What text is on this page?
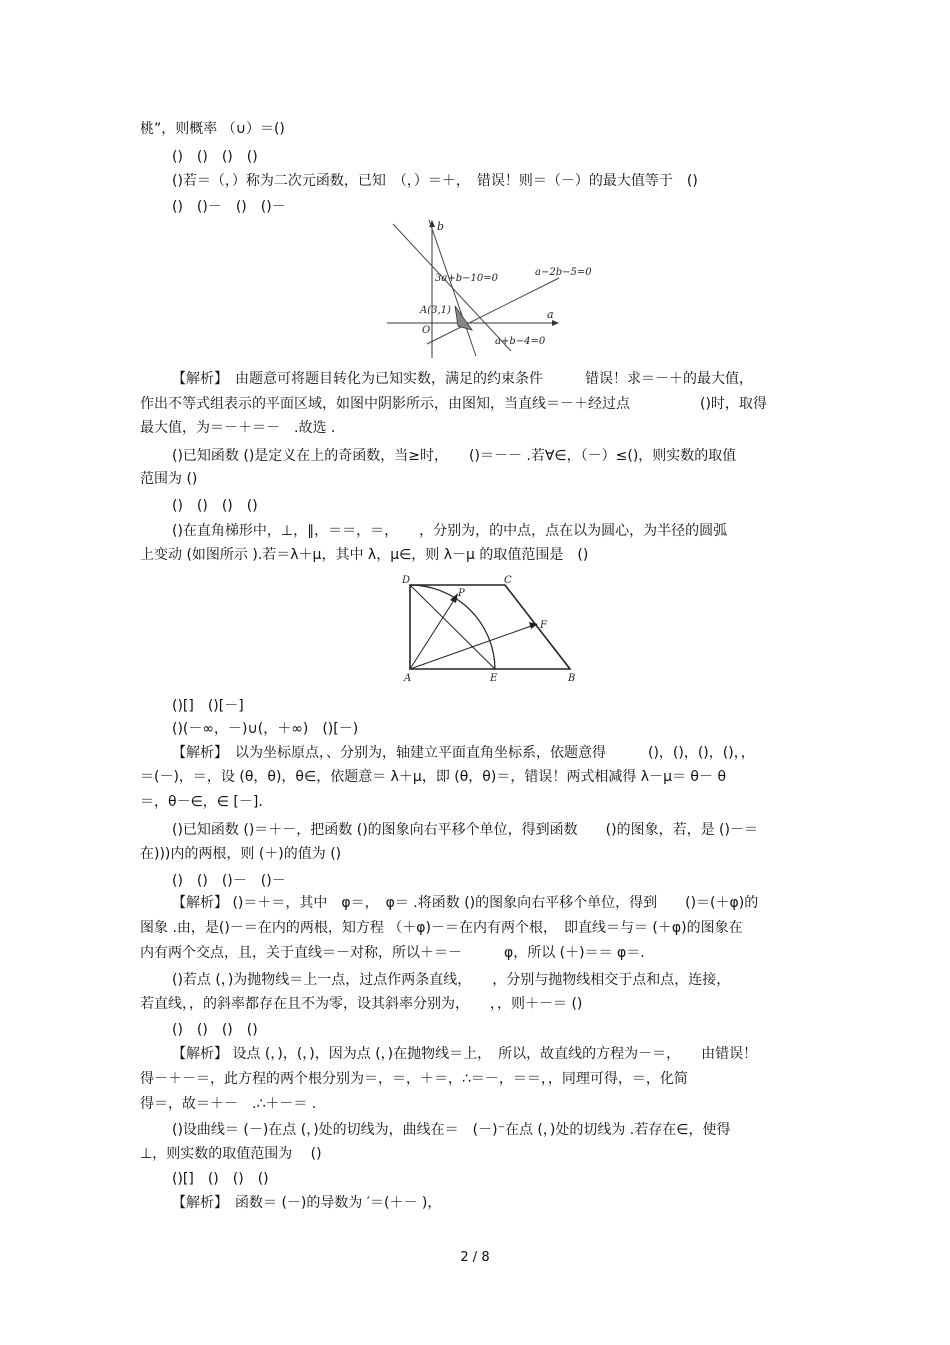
桃”，则概率 （∪）＝()
()　()　()　()
()若＝（，）称为二次元函数，已知　（，）＝＋，　错误！则＝（－）的最大值等于　()
()　()－　()　()－
【解析】　由题意可将题目转化为已知实数，满足的约束条件　　　错误！求＝－＋的最大值，
作出不等式组表示的平面区域，如图中阴影所示，由图知，当直线＝－＋经过点　　　　　()时，取得
最大值，为＝－＋＝－　.故选 .
()已知函数 ()是定义在上的奇函数，当≥时，　　()＝－－ .若∀∈，（－）≤()，则实数的取值
范围为 ()
()　()　()　()
()在直角梯形中，⊥，∥，＝＝，＝，　　，分别为，的中点，点在以为圆心，为半径的圆弧
上变动 (如图所示 ).若＝λ＋μ，其中 λ，μ∈，则 λ－μ 的取值范围是　()
()[]　()[－]
()(－∞，－)∪(，＋∞)　()[－)
【解析】　以为坐标原点，、分别为，轴建立平面直角坐标系，依题意得　　　()，()，()，()，，
＝(－)，＝，设 (θ，θ)，θ∈，依题意＝ λ＋μ，即 (θ，θ)＝，错误！两式相减得 λ－μ＝ θ－ θ
＝，θ－∈，∈ [－].
()已知函数 ()＝＋－，把函数 ()的图象向右平移个单位，得到函数　　()的图象，若，是 ()－＝
在)))内的两根，则 (＋)的值为 ()
()　()　()－　()－
【解析】 ()＝＋＝，其中　φ＝，　φ＝ .将函数 ()的图象向右平移个单位，得到　　()＝(＋φ)的
图象 .由，是()－＝在内的两根，知方程 （＋φ)－＝在内有两个根，　即直线＝与＝ (＋φ)的图象在
内有两个交点，且，关于直线＝－对称，所以＋＝－　　　φ，所以 (＋)＝＝ φ＝.
()若点 (，)为抛物线＝上一点，过点作两条直线，　　，分别与抛物线相交于点和点，连接，
若直线，，的斜率都存在且不为零，设其斜率分别为，　　，，则＋－＝ ()
()　()　()　()
【解析】 设点 (，)，(，)，因为点 (，)在抛物线＝上，　所以，故直线的方程为－＝，　　由错误！
得－＋－＝，此方程的两个根分别为＝，＝，＋＝，∴＝－，＝＝，，同理可得，＝，化简
得＝，故＝＋－　.∴＋－＝ .
()设曲线＝ (－)在点 (，)处的切线为，曲线在＝　(－)⁻在点 (，)处的切线为 .若存在∈，使得
⊥，则实数的取值范围为　 ()
()[]　()　()　()
【解析】　函数＝ (－)的导数为 ′＝(＋－ )，
b
a
O
3a+b−10=0
a−2b−5=0
a+b−4=0
A(3,1)
D	C
P
F
A	E	B
2 / 8
